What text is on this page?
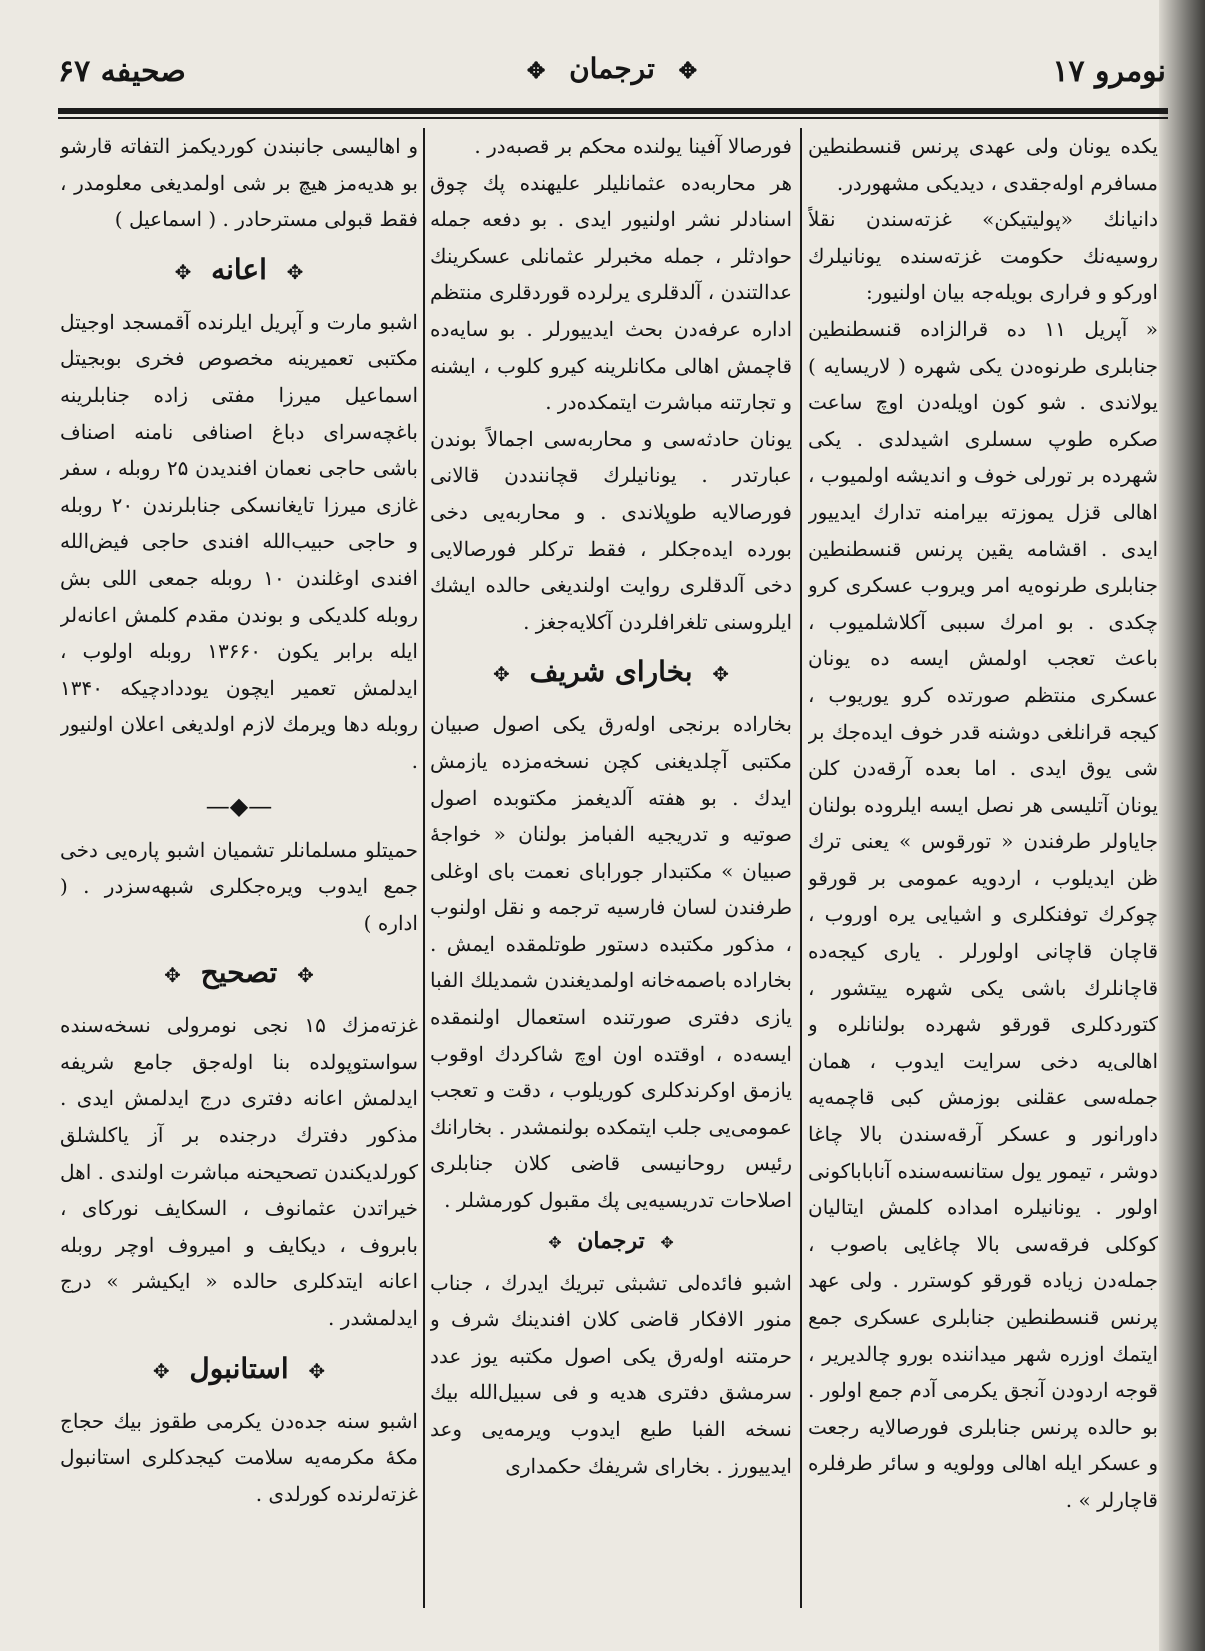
نومرو ۱۷
✥ ترجمان ✥
صحیفه ۶۷

یکده یونان ولی عهدی پرنس قنسطنطین مسافرم اوله‌جقدی ، دیدیکی مشهوردر.

دانیانك «پولیتیکن» غزته‌سندن نقلاً روسیه‌نك حکومت غزته‌سنده یونانیلرك اورکو و فراری بویله‌جه بیان اولنیور:

« آپریل ۱۱ ده قرالزاده قنسطنطین جنابلری طرنوه‌دن یکی شهره ( لاریسایه ) یولاندی . شو کون اویله‌دن اوچ ساعت صکره طوپ سسلری اشیدلدی . یکی شهرده بر تورلی خوف و اندیشه اولمیوب ، اهالی قزل یموزته بیرامنه تدارك ایدییور ایدی . اقشامه یقین پرنس قنسطنطین جنابلری طرنوه‌یه امر ویروب عسکری کرو چکدی . بو امرك سببی آکلاشلمیوب ، باعث تعجب اولمش ایسه ده یونان عسکری منتظم صورتده کرو یوریوب ، کیجه قرانلغی دوشنه قدر خوف ایده‌جك بر شی یوق ایدی . اما بعده آرقه‌دن کلن یونان آتلیسی هر نصل ایسه ایلروده بولنان جایاولر طرفندن « تورقوس » یعنی ترك ظن ایدیلوب ، اردویه عمومی بر قورقو چوکرك توفنکلری و اشیایی یره اوروب ، قاچان قاچانی اولورلر . یاری کیجه‌ده قاچانلرك باشی یکی شهره ییتشور ، کتوردکلری قورقو شهرده بولنانلره و اهالی‌یه دخی سرایت ایدوب ، همان جمله‌سی عقلنی بوزمش کبی قاچمه‌یه داورانور و عسکر آرقه‌سندن بالا چاغا دوشر ، تیمور یول ستانسه‌سنده آناباباکونی اولور . یونانیلره امداده کلمش ایتالیان کوکلی فرقه‌سی بالا چاغایی باصوب ، جمله‌دن زیاده قورقو کوسترر . ولی عهد پرنس قنسطنطین جنابلری عسکری جمع ایتمك اوزره شهر میداننده بورو چالدیریر ، قوجه اردودن آنجق یکرمی آدم جمع اولور . بو حالده پرنس جنابلری فورصالایه رجعت و عسکر ایله اهالی وولویه و سائر طرفلره قاچارلر » .

فورصالا آفینا یولنده محکم بر قصبه‌در .

هر محاربه‌ده عثمانلیلر علیهنده پك چوق اسنادلر نشر اولنیور ایدی . بو دفعه جمله حوادثلر ، جمله مخبرلر عثمانلی عسکرینك عدالتندن ، آلدقلری یرلرده قوردقلری منتظم اداره عرفه‌دن بحث ایدییورلر . بو سایه‌ده قاچمش اهالی مکانلرینه کیرو کلوب ، ایشنه و تجارتنه مباشرت ایتمکده‌در .

یونان حادثه‌سی و محاربه‌سی اجمالاً بوندن عبارتدر . یونانیلرك قچاننددن قالانی فورصالایه طوپلاندی . و محاربه‌یی دخی بورده ایده‌جکلر ، فقط ترکلر فورصالایی دخی آلدقلری روایت اولندیغی حالده ایشك ایلروسنی تلغرافلردن آکلایه‌جغز .

✥ بخارای شریف ✥

بخاراده برنجی اوله‌رق یکی اصول صبیان مکتبی آچلدیغنی کچن نسخه‌مزده یازمش ایدك . بو هفته آلدیغمز مکتوبده اصول صوتیه و تدریجیه الفبامز بولنان « خواجهٔ صبیان » مکتبدار جورابای نعمت بای اوغلی طرفندن لسان فارسیه ترجمه و نقل اولنوب ، مذکور مکتبده دستور طوتلمقده ایمش . بخاراده باصمه‌خانه اولمدیغندن شمدیلك الفبا یازی دفتری صورتنده استعمال اولنمقده ایسه‌ده ، اوقتده اون اوچ شاکردك اوقوب یازمق اوکرندکلری کوریلوب ، دقت و تعجب عمومی‌یی جلب ایتمکده بولنمشدر . بخارانك رئیس روحانیسی قاضی کلان جنابلری اصلاحات تدریسیه‌یی پك مقبول کورمشلر .

✥ ترجمان ✥

اشبو فائده‌لی تشبثی تبریك ایدرك ، جناب منور الافکار قاضی کلان افندینك شرف و حرمتنه اوله‌رق یکی اصول مکتبه یوز عدد سرمشق دفتری هدیه و فی سبیل‌الله بیك نسخه الفبا طبع ایدوب ویرمه‌یی وعد ایدییورز . بخارای شریفك حکمداری

و اهالیسی جانبندن کوردیکمز التفاته قارشو بو هدیه‌مز هیچ بر شی اولمدیغی معلومدر ، فقط قبولی مسترحادر . ( اسماعیل )

✥ اعانه ✥

اشبو مارت و آپریل ایلرنده آقمسجد اوجیتل مکتبی تعمیرینه مخصوص فخری بوبجیتل اسماعیل میرزا مفتی زاده جنابلرینه باغچه‌سرای دباغ اصنافی نامنه اصناف باشی حاجی نعمان افندیدن ۲۵ روبله ، سفر غازی میرزا تایغانسکی جنابلرندن ۲۰ روبله و حاجی حبیب‌الله افندی حاجی فیض‌الله افندی اوغلندن ۱۰ روبله جمعی اللی بش روبله کلدیکی و بوندن مقدم کلمش اعانه‌لر ایله برابر یکون ۱۳۶۶۰ روبله اولوب ، ایدلمش تعمیر ایچون یوددادچیکه ۱۳۴۰ روبله دها ویرمك لازم اولدیغی اعلان اولنیور .

—◆—

حمیتلو مسلمانلر تشمیان اشبو پاره‌یی دخی جمع ایدوب ویره‌جکلری شبهه‌سزدر . ( اداره )

✥ تصحیح ✥

غزته‌مزك ۱۵ نجی نومرولی نسخه‌سنده سواستوپولده بنا اوله‌جق جامع شریفه ایدلمش اعانه دفتری درج ایدلمش ایدی . مذکور دفترك درجنده بر آز یاکلشلق کورلدیکندن تصحیحنه مباشرت اولندی . اهل خیراتدن عثمانوف ، السکایف نورکای ، بابروف ، دیکایف و امیروف اوچر روبله اعانه ایتدکلری حالده « ایکیشر » درج ایدلمشدر .

✥ استانبول ✥

اشبو سنه جده‌دن یکرمی طقوز بیك حجاج مکهٔ مکرمه‌یه سلامت کیجدکلری استانبول غزته‌لرنده کورلدی .
